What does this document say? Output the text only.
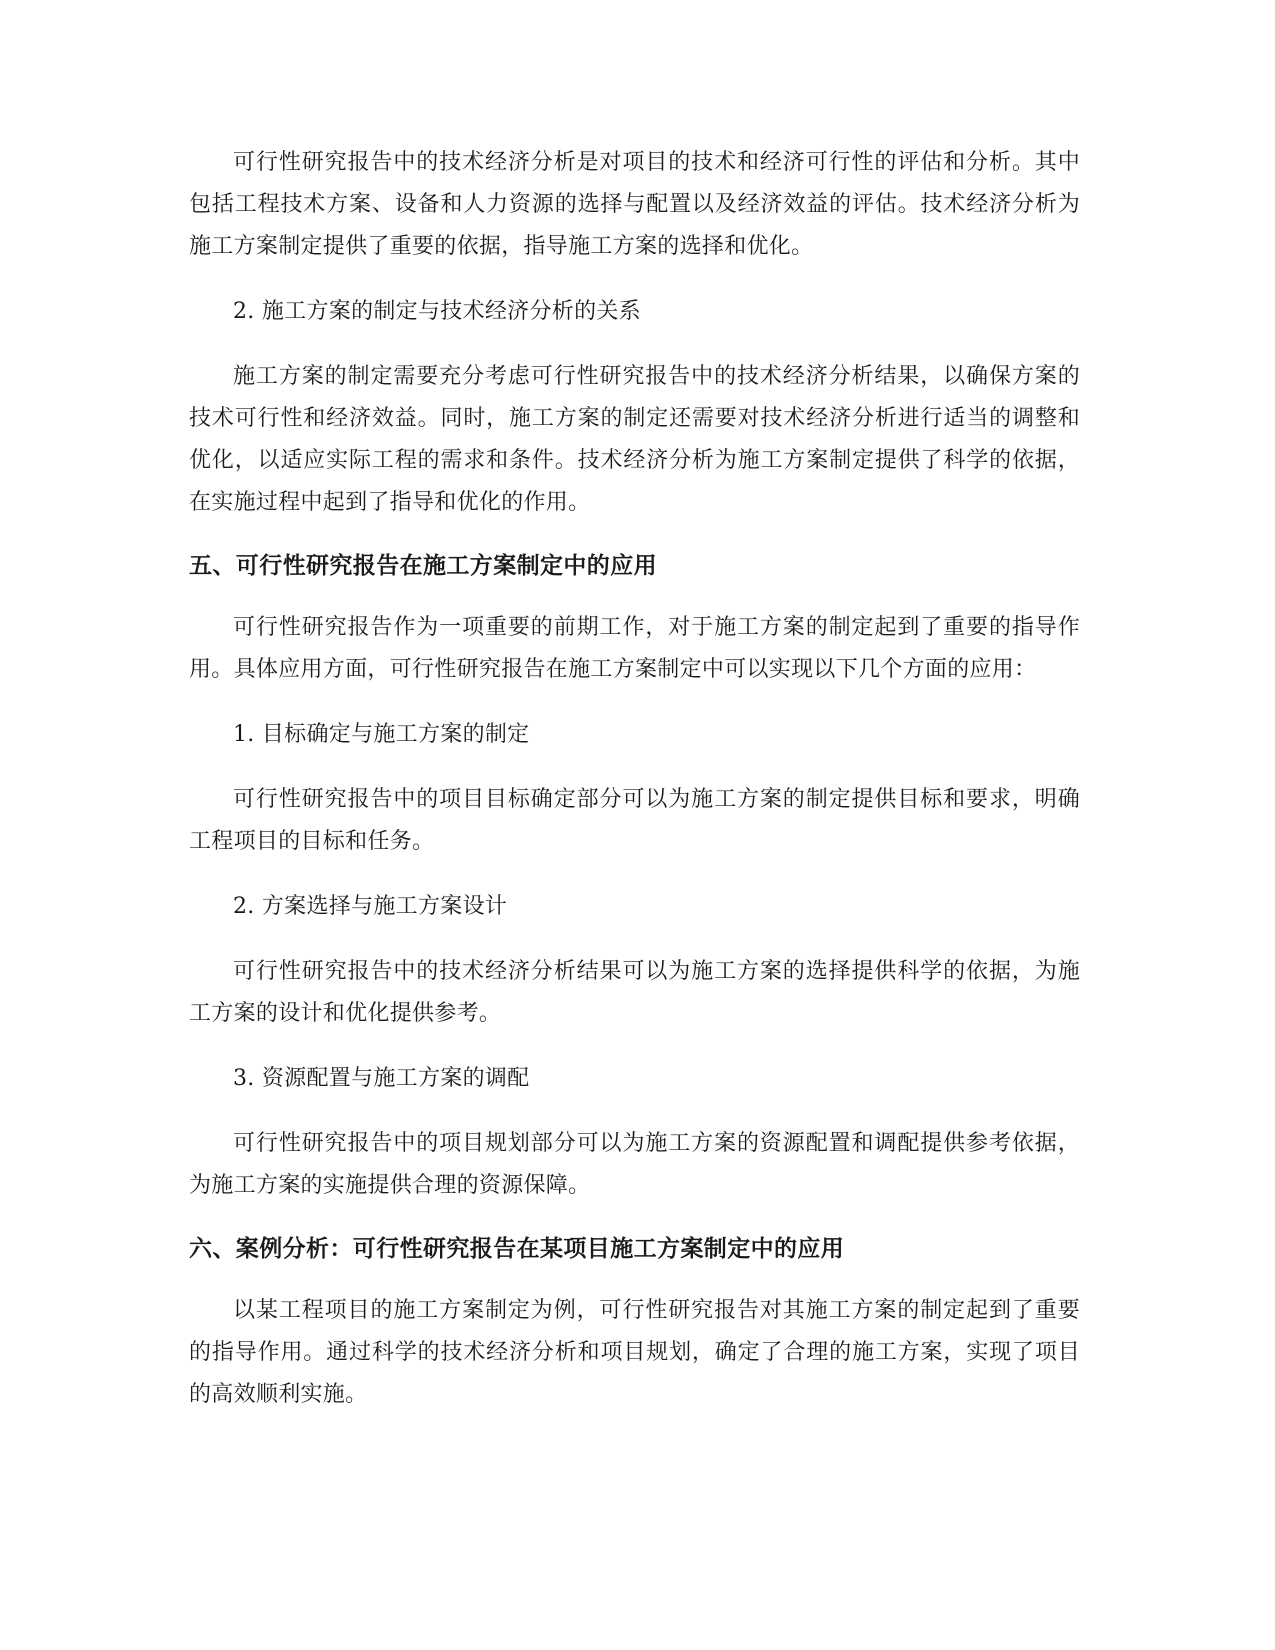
可行性研究报告中的技术经济分析是对项目的技术和经济可行性的评估和分析。其中包括工程技术方案、设备和人力资源的选择与配置以及经济效益的评估。技术经济分析为施工方案制定提供了重要的依据，指导施工方案的选择和优化。

2. 施工方案的制定与技术经济分析的关系

施工方案的制定需要充分考虑可行性研究报告中的技术经济分析结果，以确保方案的技术可行性和经济效益。同时，施工方案的制定还需要对技术经济分析进行适当的调整和优化，以适应实际工程的需求和条件。技术经济分析为施工方案制定提供了科学的依据，在实施过程中起到了指导和优化的作用。

五、可行性研究报告在施工方案制定中的应用

可行性研究报告作为一项重要的前期工作，对于施工方案的制定起到了重要的指导作用。具体应用方面，可行性研究报告在施工方案制定中可以实现以下几个方面的应用：

1. 目标确定与施工方案的制定

可行性研究报告中的项目目标确定部分可以为施工方案的制定提供目标和要求，明确工程项目的目标和任务。

2. 方案选择与施工方案设计

可行性研究报告中的技术经济分析结果可以为施工方案的选择提供科学的依据，为施工方案的设计和优化提供参考。

3. 资源配置与施工方案的调配

可行性研究报告中的项目规划部分可以为施工方案的资源配置和调配提供参考依据，为施工方案的实施提供合理的资源保障。

六、案例分析：可行性研究报告在某项目施工方案制定中的应用

以某工程项目的施工方案制定为例，可行性研究报告对其施工方案的制定起到了重要的指导作用。通过科学的技术经济分析和项目规划，确定了合理的施工方案，实现了项目的高效顺利实施。
